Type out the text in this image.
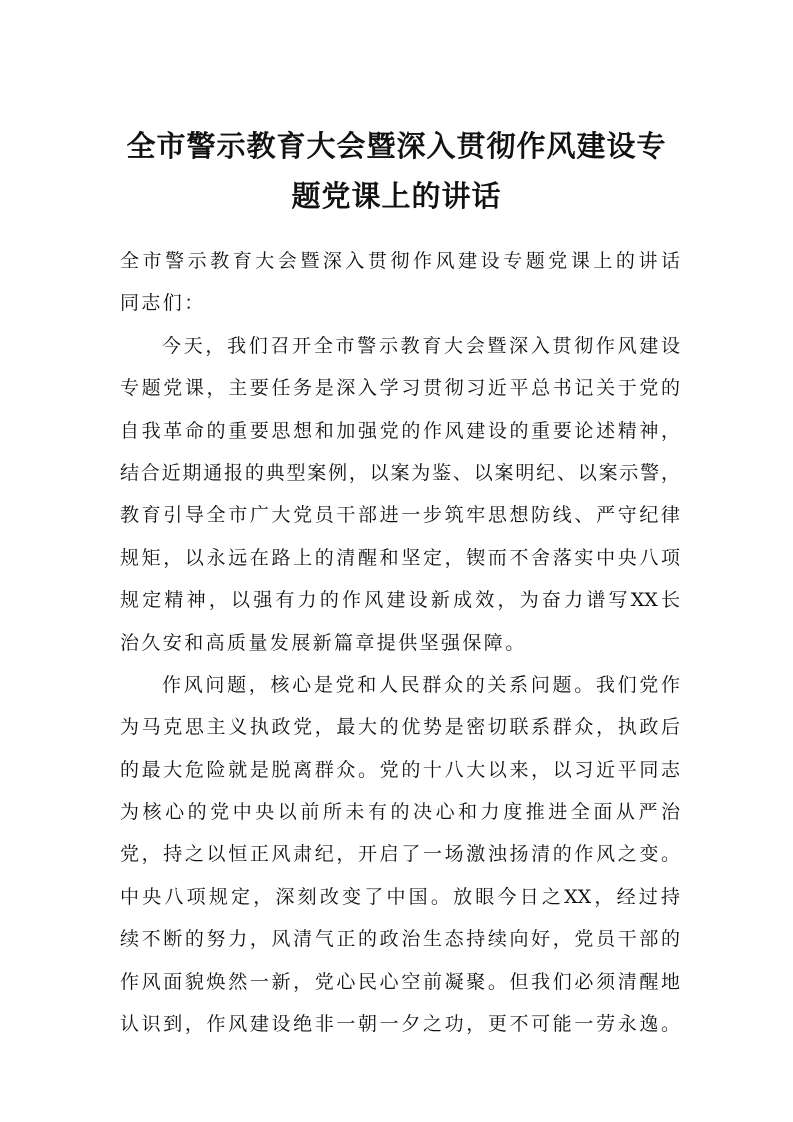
全市警示教育大会暨深入贯彻作风建设专
题党课上的讲话
全市警示教育大会暨深入贯彻作风建设专题党课上的讲话
同志们：
今天，我们召开全市警示教育大会暨深入贯彻作风建设
专题党课，主要任务是深入学习贯彻习近平总书记关于党的
自我革命的重要思想和加强党的作风建设的重要论述精神，
结合近期通报的典型案例，以案为鉴、以案明纪、以案示警，
教育引导全市广大党员干部进一步筑牢思想防线、严守纪律
规矩，以永远在路上的清醒和坚定，锲而不舍落实中央八项
规定精神，以强有力的作风建设新成效，为奋力谱写XX长
治久安和高质量发展新篇章提供坚强保障。
作风问题，核心是党和人民群众的关系问题。我们党作
为马克思主义执政党，最大的优势是密切联系群众，执政后
的最大危险就是脱离群众。党的十八大以来，以习近平同志
为核心的党中央以前所未有的决心和力度推进全面从严治
党，持之以恒正风肃纪，开启了一场激浊扬清的作风之变。
中央八项规定，深刻改变了中国。放眼今日之XX，经过持
续不断的努力，风清气正的政治生态持续向好，党员干部的
作风面貌焕然一新，党心民心空前凝聚。但我们必须清醒地
认识到，作风建设绝非一朝一夕之功，更不可能一劳永逸。
